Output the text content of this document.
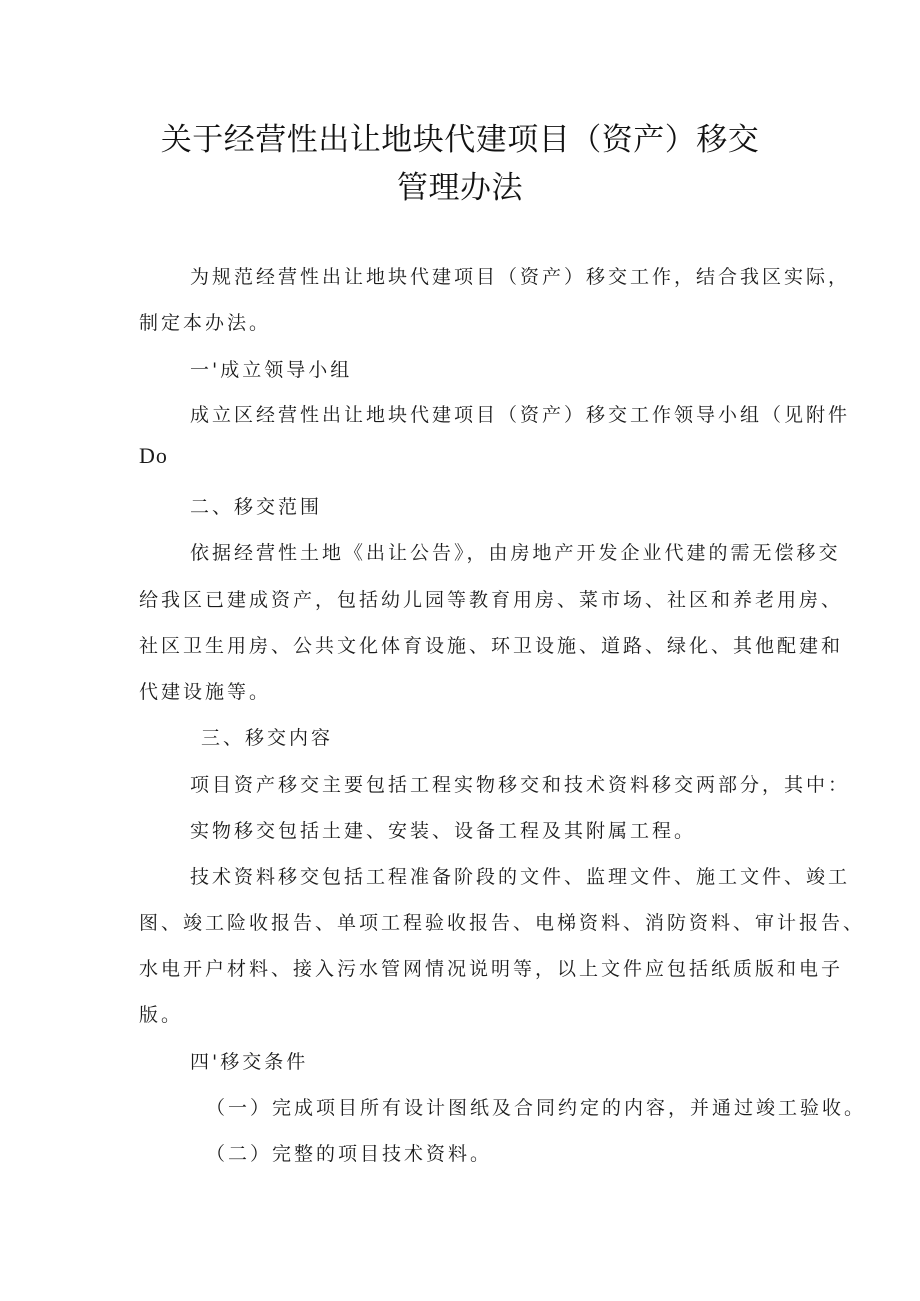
关于经营性出让地块代建项目（资产）移交
管理办法
为规范经营性出让地块代建项目（资产）移交工作，结合我区实际，
制定本办法。
一'成立领导小组
成立区经营性出让地块代建项目（资产）移交工作领导小组（见附件
Do
二、移交范围
依据经营性土地《出让公告》，由房地产开发企业代建的需无偿移交
给我区已建成资产，包括幼儿园等教育用房、菜市场、社区和养老用房、
社区卫生用房、公共文化体育设施、环卫设施、道路、绿化、其他配建和
代建设施等。
三、移交内容
项目资产移交主要包括工程实物移交和技术资料移交两部分，其中：
实物移交包括土建、安装、设备工程及其附属工程。
技术资料移交包括工程准备阶段的文件、监理文件、施工文件、竣工
图、竣工险收报告、单项工程验收报告、电梯资料、消防资料、审计报告、
水电开户材料、接入污水管网情况说明等，以上文件应包括纸质版和电子
版。
四'移交条件
（一）完成项目所有设计图纸及合同约定的内容，并通过竣工验收。
（二）完整的项目技术资料。
